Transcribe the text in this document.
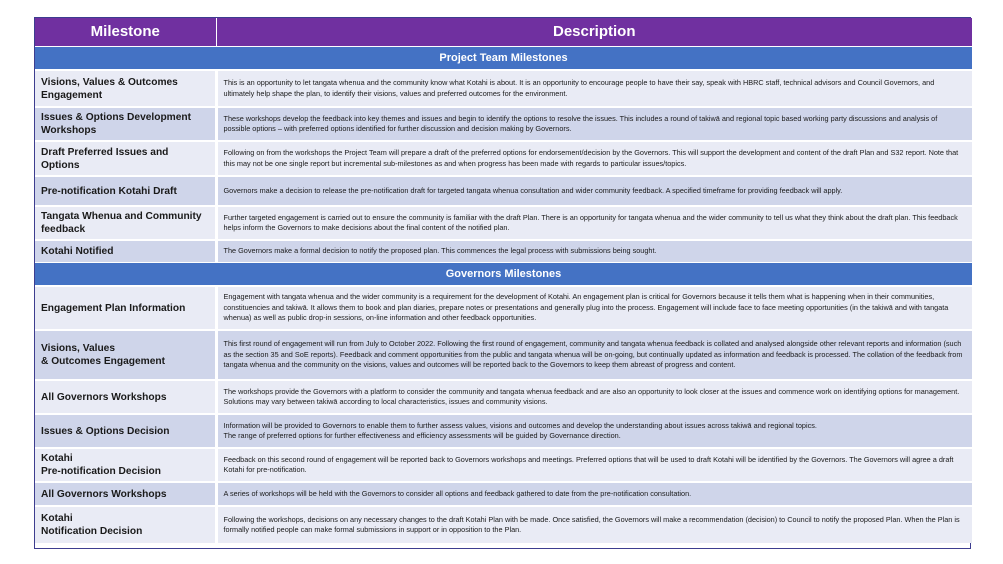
Milestone	Description
Project Team Milestones	
Visions, Values & Outcomes Engagement	This is an opportunity to let tangata whenua and the community know what Kotahi is about. It is an opportunity to encourage people to have their say, speak with HBRC staff, technical advisors and Council Governors, and ultimately help shape the plan, to identify their visions, values and preferred outcomes for the environment.
Issues & Options Development Workshops	These workshops develop the feedback into key themes and issues and begin to identify the options to resolve the issues. This includes a round of takiwā and regional topic based working party discussions and analysis of possible options – with preferred options identified for further discussion and decision making by Governors.
Draft Preferred Issues and Options	Following on from the workshops the Project Team will prepare a draft of the preferred options for endorsement/decision by the Governors. This will support the development and content of the draft Plan and S32 report. Note that this may not be one single report but incremental sub-milestones as and when progress has been made with regards to particular issues/topics.
Pre-notification Kotahi Draft	Governors make a decision to release the pre-notification draft for targeted tangata whenua consultation and wider community feedback. A specified timeframe for providing feedback will apply.
Tangata Whenua and Community feedback	Further targeted engagement is carried out to ensure the community is familiar with the draft Plan. There is an opportunity for tangata whenua and the wider community to tell us what they think about the draft plan. This feedback helps inform the Governors to make decisions about the final content of the notified plan.
Kotahi Notified	The Governors make a formal decision to notify the proposed plan. This commences the legal process with submissions being sought.
Governors Milestones	
Engagement Plan Information	Engagement with tangata whenua and the wider community is a requirement for the development of Kotahi. An engagement plan is critical for Governors because it tells them what is happening when in their communities, constituencies and takiwā. It allows them to book and plan diaries, prepare notes or presentations and generally plug into the process. Engagement will include face to face meeting opportunities (in the takiwā and with tangata whenua) as well as public drop-in sessions, on-line information and other feedback opportunities.
Visions, Values
& Outcomes Engagement	This first round of engagement will run from July to October 2022. Following the first round of engagement, community and tangata whenua feedback is collated and analysed alongside other relevant reports and information (such as the section 35 and SoE reports). Feedback and comment opportunities from the public and tangata whenua will be on-going, but continually updated as information and feedback is processed. The collation of the feedback from tangata whenua and the community on the visions, values and outcomes will be reported back to the Governors to keep them abreast of progress and content.
All Governors Workshops	The workshops provide the Governors with a platform to consider the community and tangata whenua feedback and are also an opportunity to look closer at the issues and commence work on identifying options for management. Solutions may vary between takiwā according to local characteristics, issues and community visions.
Issues & Options Decision	Information will be provided to Governors to enable them to further assess values, visions and outcomes and develop the understanding about issues across takiwā and regional topics.
The range of preferred options for further effectiveness and efficiency assessments will be guided by Governance direction.
Kotahi
Pre-notification Decision	Feedback on this second round of engagement will be reported back to Governors workshops and meetings. Preferred options that will be used to draft Kotahi will be identified by the Governors. The Governors will agree a draft Kotahi for pre-notification.
All Governors Workshops	A series of workshops will be held with the Governors to consider all options and feedback gathered to date from the pre-notification consultation.
Kotahi
Notification Decision	Following the workshops, decisions on any necessary changes to the draft Kotahi Plan with be made. Once satisfied, the Governors will make a recommendation (decision) to Council to notify the proposed Plan. When the Plan is formally notified people can make formal submissions in support or in opposition to the Plan.
